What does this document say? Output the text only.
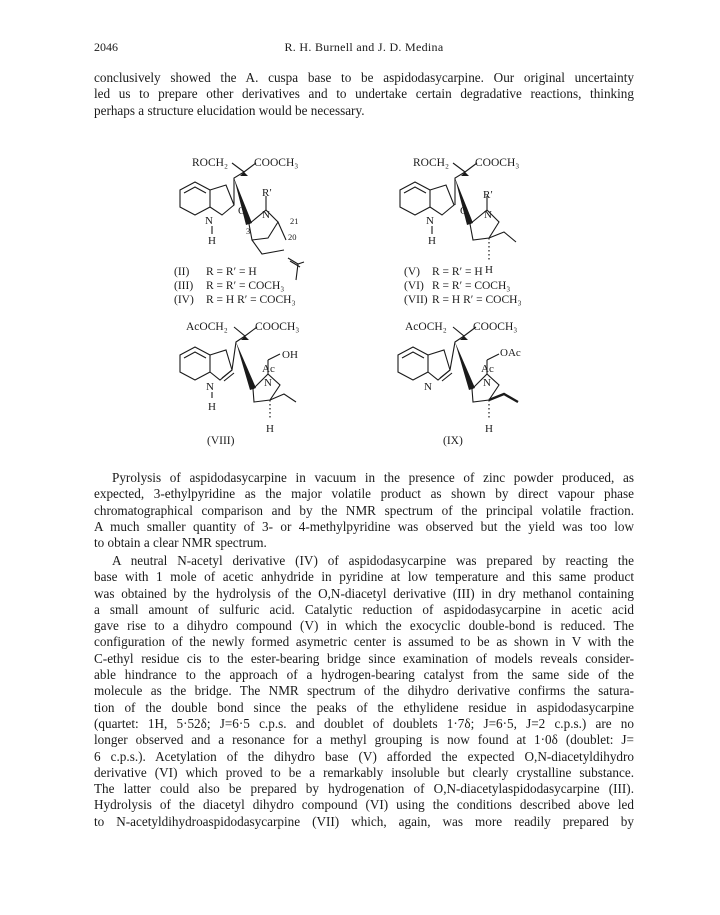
2046	R. H. Burnell and J. D. Medina
conclusively showed the A. cuspa base to be aspidodasycarpine. Our original uncertainty
led us to prepare other derivatives and to undertake certain degradative reactions, thinking
perhaps a structure elucidation would be necessary.
ROCH₂ COOCH₃
R′
O N
N
H
21
20
3
(II) R = R′ = H
(III) R = R′ = COCH₃
(IV) R = H R′ = COCH₃
ROCH₂ COOCH₃
R′
O N
N
H
H
(V) R = R′ = H
(VI) R = R′ = COCH₃
(VII) R = H R′ = COCH₃
AcOCH₂ COOCH₃
OH
Ac
N
N
H
H
(VIII)
AcOCH₂ COOCH₃
OAc
Ac
N
N
H
(IX)
Pyrolysis of aspidodasycarpine in vacuum in the presence of zinc powder produced, as
expected, 3-ethylpyridine as the major volatile product as shown by direct vapour phase
chromatographical comparison and by the NMR spectrum of the principal volatile fraction.
A much smaller quantity of 3- or 4-methylpyridine was observed but the yield was too low
to obtain a clear NMR spectrum.
A neutral N-acetyl derivative (IV) of aspidodasycarpine was prepared by reacting the
base with 1 mole of acetic anhydride in pyridine at low temperature and this same product
was obtained by the hydrolysis of the O,N-diacetyl derivative (III) in dry methanol containing
a small amount of sulfuric acid. Catalytic reduction of aspidodasycarpine in acetic acid
gave rise to a dihydro compound (V) in which the exocyclic double-bond is reduced. The
configuration of the newly formed asymetric center is assumed to be as shown in V with the
C-ethyl residue cis to the ester-bearing bridge since examination of models reveals consider-
able hindrance to the approach of a hydrogen-bearing catalyst from the same side of the
molecule as the bridge. The NMR spectrum of the dihydro derivative confirms the satura-
tion of the double bond since the peaks of the ethylidene residue in aspidodasycarpine
(quartet: 1H, 5·52δ; J=6·5 c.p.s. and doublet of doublets 1·7δ; J=6·5, J=2 c.p.s.) are no
longer observed and a resonance for a methyl grouping is now found at 1·0δ (doublet: J=
6 c.p.s.). Acetylation of the dihydro base (V) afforded the expected O,N-diacetyldihydro
derivative (VI) which proved to be a remarkably insoluble but clearly crystalline substance.
The latter could also be prepared by hydrogenation of O,N-diacetylaspidodasycarpine (III).
Hydrolysis of the diacetyl dihydro compound (VI) using the conditions described above led
to N-acetyldihydroaspidodasycarpine (VII) which, again, was more readily prepared by
